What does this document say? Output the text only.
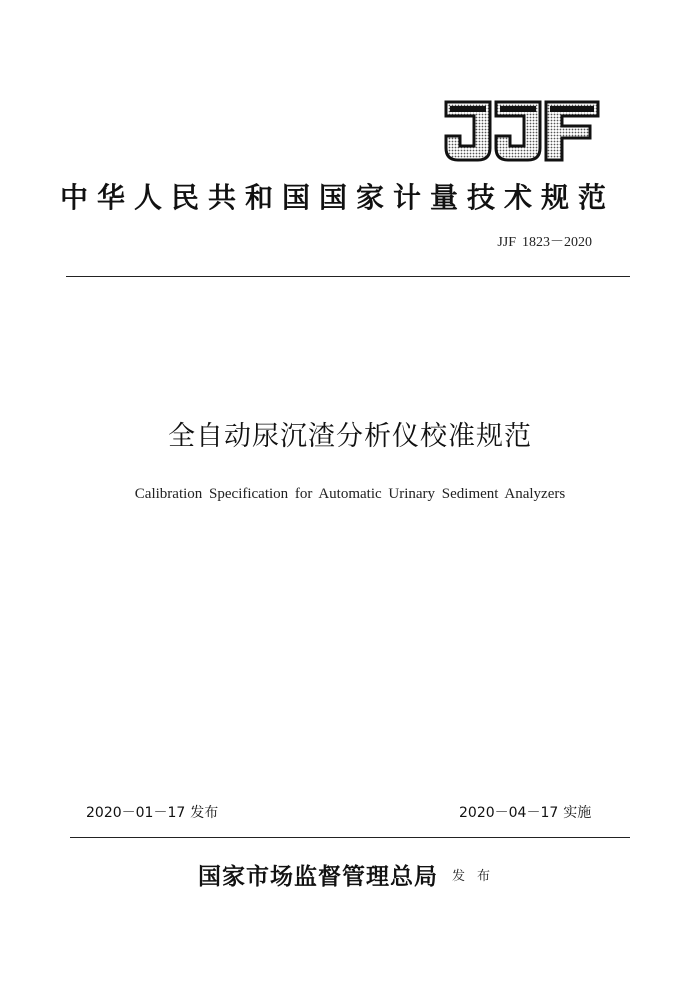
中华人民共和国国家计量技术规范
JJF 1823－2020
全自动尿沉渣分析仪校准规范
Calibration Specification for Automatic Urinary Sediment Analyzers
2020－01－17 发布	2020－04－17 实施
国家市场监督管理总局 发布
